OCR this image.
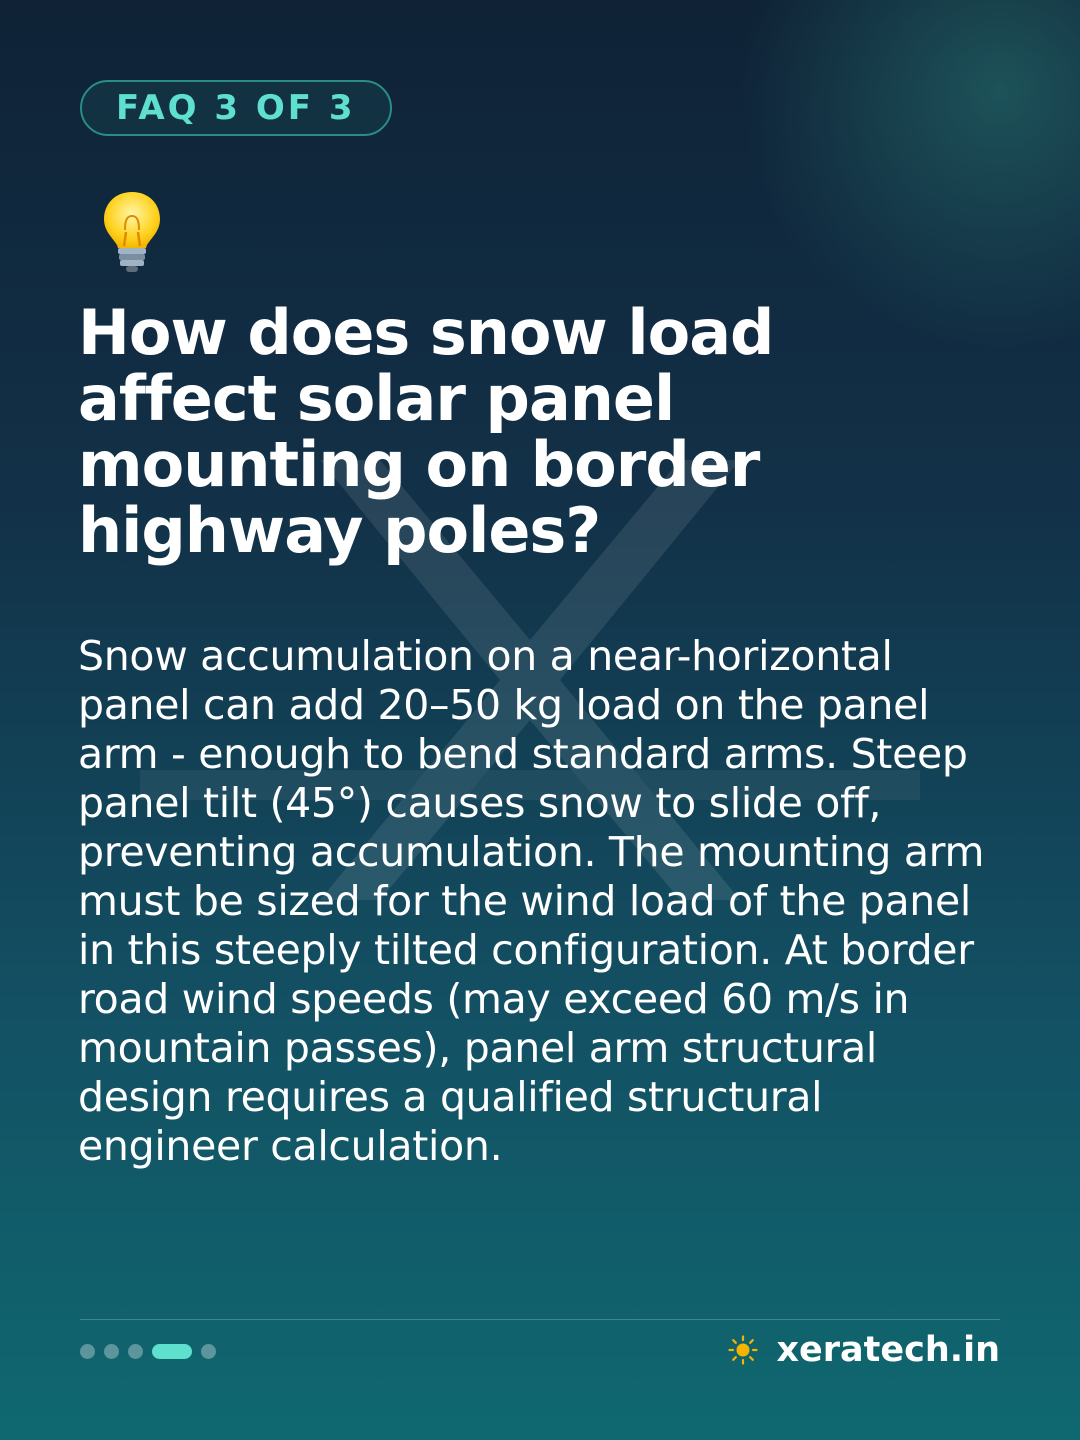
FAQ 3 OF 3
How does snow load affect solar panel mounting on border highway poles?

Snow accumulation on a near-horizontal panel can add 20–50 kg load on the panel arm - enough to bend standard arms. Steep panel tilt (45°) causes snow to slide off, preventing accumulation. The mounting arm must be sized for the wind load of the panel in this steeply tilted configuration. At border road wind speeds (may exceed 60 m/s in mountain passes), panel arm structural design requires a qualified structural engineer calculation.

xeratech.in
